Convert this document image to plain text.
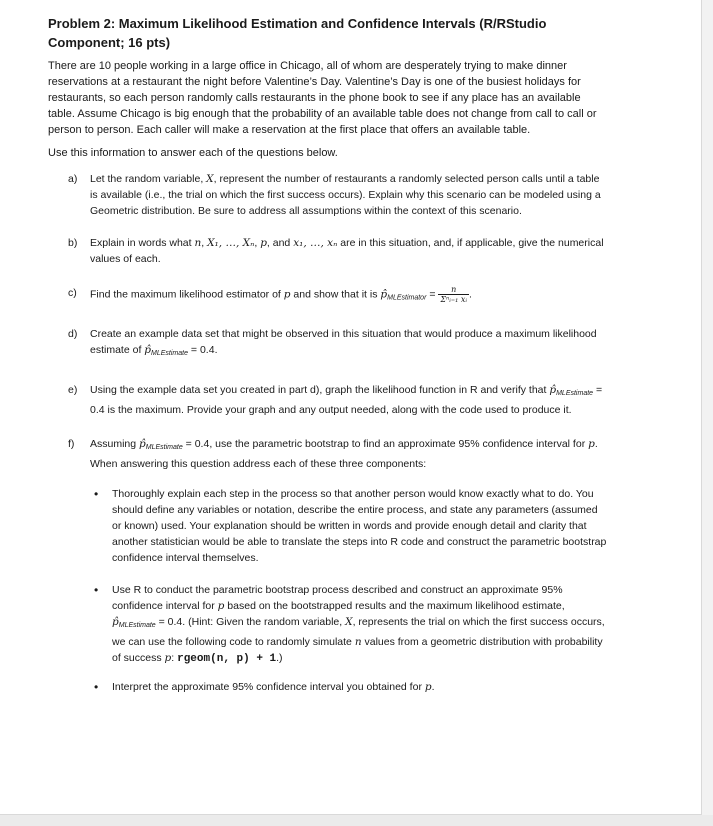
Problem 2: Maximum Likelihood Estimation and Confidence Intervals (R/RStudio Component; 16 pts)

There are 10 people working in a large office in Chicago, all of whom are desperately trying to make dinner reservations at a restaurant the night before Valentine’s Day. Valentine’s Day is one of the busiest holidays for restaurants, so each person randomly calls restaurants in the phone book to see if any place has an available table. Assume Chicago is big enough that the probability of an available table does not change from call to call or person to person. Each caller will make a reservation at the first place that offers an available table.

Use this information to answer each of the questions below.

a) Let the random variable, X, represent the number of restaurants a randomly selected person calls until a table is available (i.e., the trial on which the first success occurs). Explain why this scenario can be modeled using a Geometric distribution. Be sure to address all assumptions within the context of this scenario.
b) Explain in words what n, X₁, …, Xₙ, p, and x₁, …, xₙ are in this situation, and, if applicable, give the numerical values of each.
c) Find the maximum likelihood estimator of p and show that it is $p̂_{MLEstimator} = \frac{n}{\text{Σⁿᵢ₌₁ xᵢ}}$ .
d) Create an example data set that might be observed in this situation that would produce a maximum likelihood estimate of $p̂_{MLEstimate} = 0.4$.
e) Using the example data set you created in part d), graph the likelihood function in R and verify that $p̂_{MLEstimate} = 0.4$ is the maximum. Provide your graph and any output needed, along with the code used to produce it.
f) Assuming $p̂_{MLEstimate} = 0.4$, use the parametric bootstrap to find an approximate 95% confidence interval for p. When answering this question address each of these three components:
• Thoroughly explain each step in the process so that another person would know exactly what to do. You should define any variables or notation, describe the entire process, and state any parameters (assumed or known) used. Your explanation should be written in words and provide enough detail and clarity that another statistician would be able to translate the steps into R code and construct the parametric bootstrap confidence interval themselves.
• Use R to conduct the parametric bootstrap process described and construct an approximate 95% confidence interval for p based on the bootstrapped results and the maximum likelihood estimate, $p̂_{MLEstimate} = 0.4$. (Hint: Given the random variable, X, represents the trial on which the first success occurs, we can use the following code to randomly simulate n values from a geometric distribution with probability of success p: rgeom(n, p) + 1.)
• Interpret the approximate 95% confidence interval you obtained for p.
